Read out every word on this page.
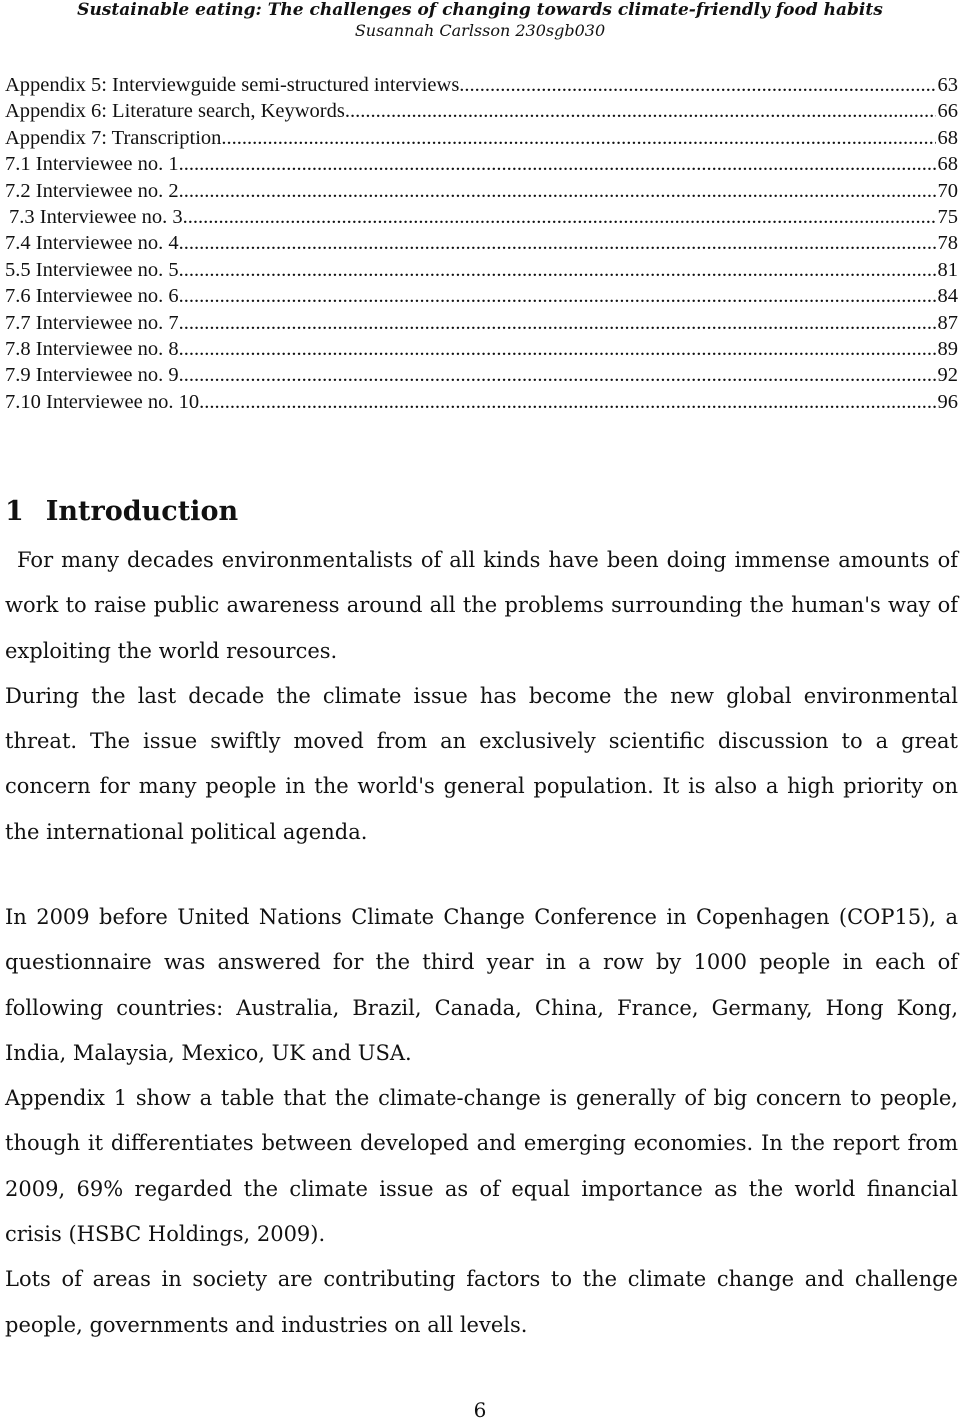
Sustainable eating: The challenges of changing towards climate-friendly food habits
Susannah Carlsson 230sgb030
Appendix 5: Interviewguide semi-structured interviews .....	63
Appendix 6: Literature search, Keywords .....	66
Appendix 7: Transcription .....	68
7.1 Interviewee no. 1 .....	68
7.2 Interviewee no. 2 .....	70
7.3 Interviewee no. 3 .....	75
7.4 Interviewee no. 4 .....	78
5.5 Interviewee no. 5 .....	81
7.6 Interviewee no. 6 .....	84
7.7 Interviewee no. 7 .....	87
7.8 Interviewee no. 8 .....	89
7.9 Interviewee no. 9 .....	92
7.10 Interviewee no. 10 .....	96
1 Introduction

For many decades environmentalists of all kinds have been doing immense amounts of work to raise public awareness around all the problems surrounding the human's way of exploiting the world resources.

During the last decade the climate issue has become the new global environmental threat. The issue swiftly moved from an exclusively scientific discussion to a great concern for many people in the world's general population. It is also a high priority on the international political agenda.

In 2009 before United Nations Climate Change Conference in Copenhagen (COP15), a questionnaire was answered for the third year in a row by 1000 people in each of following countries: Australia, Brazil, Canada, China, France, Germany, Hong Kong, India, Malaysia, Mexico, UK and USA.

Appendix 1 show a table that the climate-change is generally of big concern to people, though it differentiates between developed and emerging economies. In the report from 2009, 69% regarded the climate issue as of equal importance as the world financial crisis (HSBC Holdings, 2009).

Lots of areas in society are contributing factors to the climate change and challenge people, governments and industries on all levels.

6
